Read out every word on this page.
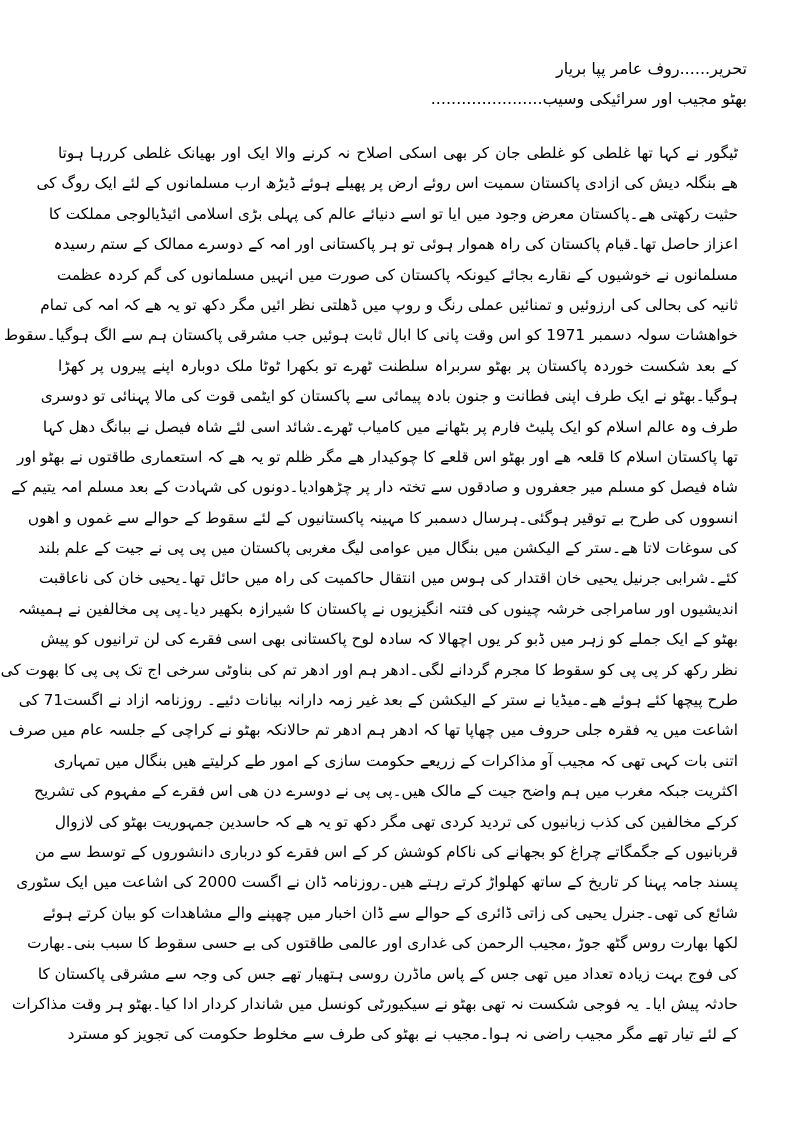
تحریر......روف عامر پپا بریار
بھٹو مجیب اور سرائیکی وسیب......................
ٹیگور نے کہا تھا غلطی کو غلطی جان کر بھی اسکی اصلاح نہ کرنے والا ایک اور بھیانک غلطی کررہا ہوتا
ھے بنگلہ دیش کی ازادی پاکستان سمیت اس روئے ارض پر پھیلے ہوئے ڈیڑھ ارب مسلمانوں کے لئے ایک روگ کی
حثیت رکھتی ھے۔پاکستان معرض وجود میں ایا تو اسے دنیائے عالم کی پہلی بڑی اسلامی ائیڈیالوجی مملکت کا
اعزاز حاصل تھا۔قیام پاکستان کی راہ ھموار ہوئی تو ہر پاکستانی اور امہ کے دوسرے ممالک کے ستم رسیدہ
مسلمانوں نے خوشیوں کے نقارے بجائے کیونکہ پاکستان کی صورت میں انہیں مسلمانوں کی گم کردہ عظمت
ثانیہ کی بحالی کی ارزوئیں و تمنائیں عملی رنگ و روپ میں ڈھلتی نظر ائیں مگر دکھ تو یہ ھے کہ امہ کی تمام
خواھشات سولہ دسمبر 1971 کو اس وقت پانی کا ابال ثابت ہوئیں جب مشرقی پاکستان ہم سے الگ ہوگیا۔سقوط
کے بعد شکست خوردہ پاکستان پر بھٹو سربراہ سلطنت ٹھرے تو بکھرا ٹوٹا ملک دوبارہ اپنے پیروں پر کھڑا
ہوگیا۔بھٹو نے ایک طرف اپنی فطانت و جنون بادہ پیمائی سے پاکستان کو ایٹمی قوت کی مالا پہنائی تو دوسری
طرف وہ عالم اسلام کو ایک پلیٹ فارم پر بٹھانے میں کامیاب ٹھرے۔شائد اسی لئے شاہ فیصل نے ببانگ دھل کہا
تھا پاکستان اسلام کا قلعہ ھے اور بھٹو اس قلعے کا چوکیدار ھے مگر ظلم تو یہ ھے کہ استعماری طاقتوں نے بھٹو اور
شاہ فیصل کو مسلم میر جعفروں و صادقوں سے تختہ دار پر چڑھوادیا۔دونوں کی شہادت کے بعد مسلم امہ یتیم کے
انسووں کی طرح بے توقیر ہوگئی۔ہرسال دسمبر کا مہینہ پاکستانیوں کے لئے سقوط کے حوالے سے غموں و اھوں
کی سوغات لاتا ھے۔ستر کے الیکشن میں بنگال میں عوامی لیگ مغربی پاکستان میں پی پی نے جیت کے علم بلند
کئے۔شرابی جرنیل یحیی خان اقتدار کی ہوس میں انتقال حاکمیت کی راہ میں حائل تھا۔یحیی خان کی ناعاقبت
اندیشیوں اور سامراجی خرشہ چینوں کی فتنہ انگیزیوں نے پاکستان کا شیرازہ بکھیر دیا۔پی پی مخالفین نے ہمیشہ
بھٹو کے ایک جملے کو زہر میں ڈبو کر یوں اچھالا کہ سادہ لوح پاکستانی بھی اسی فقرے کی لن ترانیوں کو پیش
نظر رکھ کر پی پی کو سقوط کا مجرم گردانے لگی۔ادھر ہم اور ادھر تم کی بناوٹی سرخی اج تک پی پی کا بھوت کی
طرح پیچھا کئے ہوئے ھے۔میڈیا نے ستر کے الیکشن کے بعد غیر زمہ دارانہ بیانات دئیے۔ روزنامہ ازاد نے اگست71 کی
اشاعت میں یہ فقرہ جلی حروف میں چھاپا تھا کہ ادھر ہم ادھر تم حالانکہ بھٹو نے کراچی کے جلسہ عام میں صرف
اتنی بات کہی تھی کہ مجیب آو مذاکرات کے زریعے حکومت سازی کے امور طے کرلیتے ھیں بنگال میں تمہاری
اکثریت جبکہ مغرب میں ہم واضح جیت کے مالک ھیں۔پی پی نے دوسرے دن ھی اس فقرے کے مفہوم کی تشریح
کرکے مخالفین کی کذب زبانیوں کی تردید کردی تھی مگر دکھ تو یہ ھے کہ حاسدین جمہوریت بھٹو کی لازوال
قربانیوں کے جگمگاتے چراغ کو بجھانے کی ناکام کوشش کر کے اس فقرے کو درباری دانشوروں کے توسط سے من
پسند جامہ پہنا کر تاریخ کے ساتھ کھلواڑ کرتے رہتے ھیں۔روزنامہ ڈان نے اگست 2000 کی اشاعت میں ایک سٹوری
شائع کی تھی۔جنرل یحیی کی زاتی ڈائری کے حوالے سے ڈان اخبار میں چھپنے والے مشاھدات کو بیان کرتے ہوئے
لکھا بھارت روس گٹھ جوڑ ،مجیب الرحمن کی غداری اور عالمی طاقتوں کی بے حسی سقوط کا سبب بنی۔بھارت
کی فوج بہت زیادہ تعداد میں تھی جس کے پاس ماڈرن روسی ہتھیار تھے جس کی وجہ سے مشرقی پاکستان کا
حادثہ پیش ایا۔ یہ فوجی شکست نہ تھی بھٹو نے سیکیورٹی کونسل میں شاندار کردار ادا کیا۔بھٹو ہر وقت مذاکرات
کے لئے تیار تھے مگر مجیب راضی نہ ہوا۔مجیب نے بھٹو کی طرف سے مخلوط حکومت کی تجویز کو مسترد
